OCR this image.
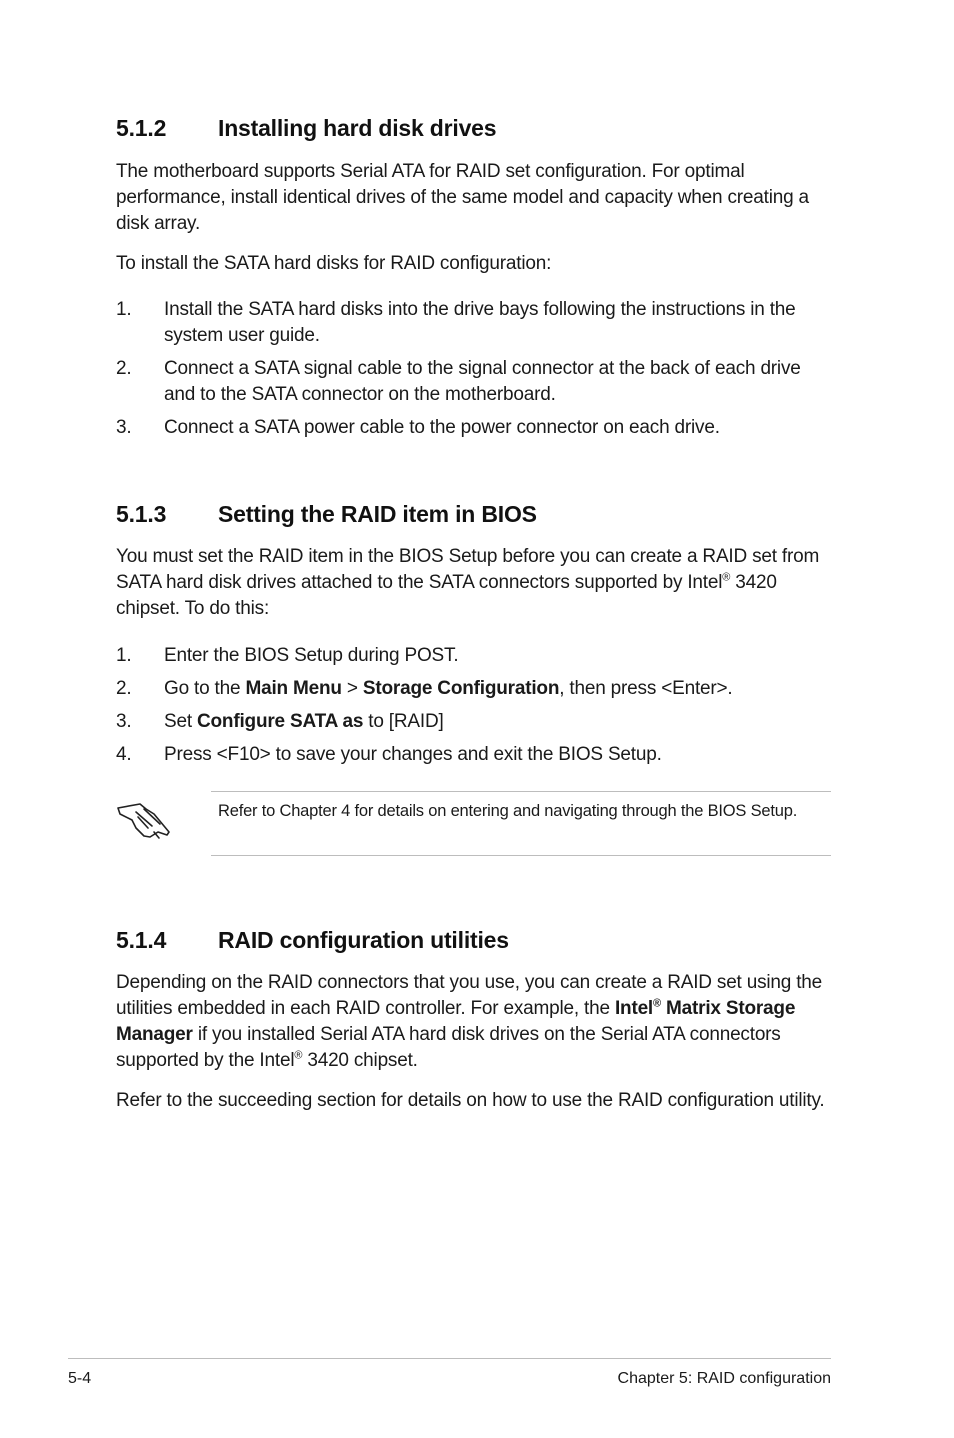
5.1.2 Installing hard disk drives

The motherboard supports Serial ATA for RAID set configuration. For optimal performance, install identical drives of the same model and capacity when creating a disk array.

To install the SATA hard disks for RAID configuration:

1. Install the SATA hard disks into the drive bays following the instructions in the system user guide.
2. Connect a SATA signal cable to the signal connector at the back of each drive and to the SATA connector on the motherboard.
3. Connect a SATA power cable to the power connector on each drive.
5.1.3 Setting the RAID item in BIOS

You must set the RAID item in the BIOS Setup before you can create a RAID set from SATA hard disk drives attached to the SATA connectors supported by Intel® 3420 chipset. To do this:

1. Enter the BIOS Setup during POST.
2. Go to the Main Menu > Storage Configuration, then press <Enter>.
3. Set Configure SATA as to [RAID]
4. Press <F10> to save your changes and exit the BIOS Setup.

Refer to Chapter 4 for details on entering and navigating through the BIOS Setup.

5.1.4 RAID configuration utilities

Depending on the RAID connectors that you use, you can create a RAID set using the utilities embedded in each RAID controller. For example, the Intel® Matrix Storage Manager if you installed Serial ATA hard disk drives on the Serial ATA connectors supported by the Intel® 3420 chipset.

Refer to the succeeding section for details on how to use the RAID configuration utility.

5-4	Chapter 5: RAID configuration
